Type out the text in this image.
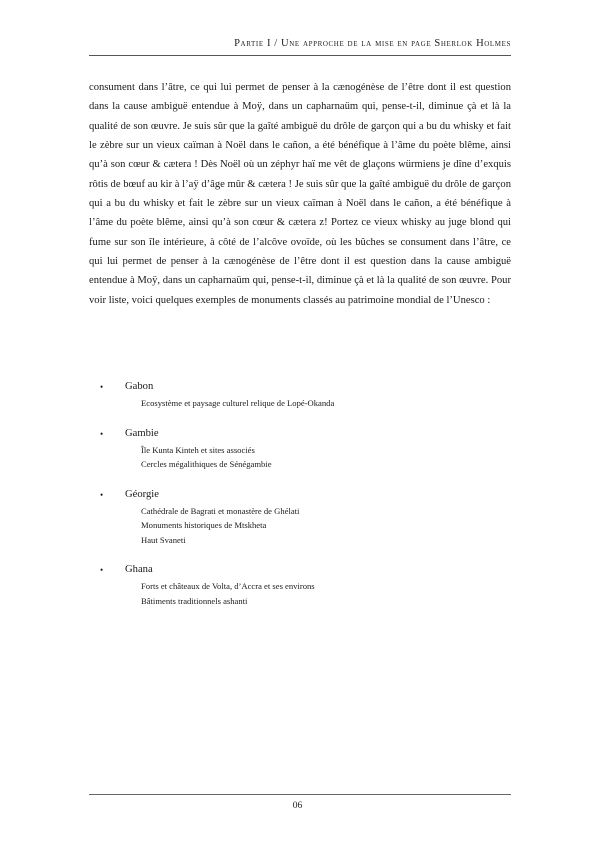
Partie I / Une approche de la mise en page Sherlok Holmes

consument dans l’âtre, ce qui lui permet de penser à la cænogénèse de l’être dont il est question dans la cause ambiguë entendue à Moÿ, dans un capharnaüm qui, pense-t-il, diminue çà et là la qualité de son œuvre. Je suis sûr que la gaîté ambiguë du drôle de garçon qui a bu du whisky et fait le zèbre sur un vieux caïman à Noël dans le cañon, a été bénéfique à l’âme du poète blême, ainsi qu’à son cœur & cætera ! Dès Noël où un zéphyr haï me vêt de glaçons würmiens je dîne d’exquis rôtis de bœuf au kir à l’aÿ d’âge mûr & cætera ! Je suis sûr que la gaîté ambiguë du drôle de garçon qui a bu du whisky et fait le zèbre sur un vieux caïman à Noël dans le cañon, a été bénéfique à l’âme du poète blême, ainsi qu’à son cœur & cætera z! Portez ce vieux whisky au juge blond qui fume sur son île intérieure, à côté de l’alcôve ovoïde, où les bûches se consument dans l’âtre, ce qui lui permet de penser à la cænogénèse de l’être dont il est question dans la cause ambiguë entendue à Moÿ, dans un capharnaüm qui, pense-t-il, diminue çà et là la qualité de son œuvre. Pour voir liste, voici quelques exemples de monuments classés au patrimoine mondial de l’Unesco :

• Gabon
Ecosystème et paysage culturel relique de Lopé-Okanda
• Gambie
Île Kunta Kinteh et sites associés
Cercles mégalithiques de Sénégambie
• Géorgie
Cathédrale de Bagrati et monastère de Ghélati
Monuments historiques de Mtskheta
Haut Svaneti
• Ghana
Forts et châteaux de Volta, d’Accra et ses environs
Bâtiments traditionnels ashanti
06
